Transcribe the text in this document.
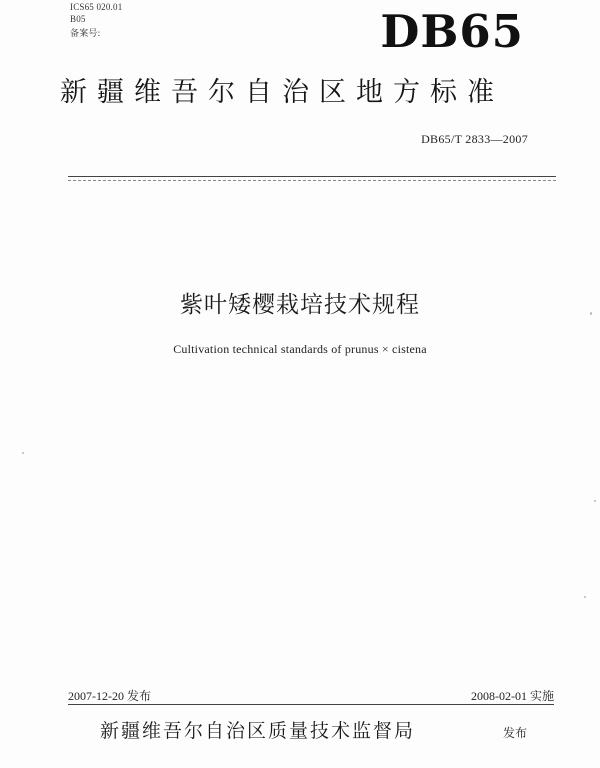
ICS65 020.01
B05
备案号:	DB65
新疆维吾尔自治区地方标准
DB65/T 2833—2007
紫叶矮樱栽培技术规程
Cultivation technical standards of prunus × cistena
2007-12-20 发布	2008-02-01 实施
新疆维吾尔自治区质量技术监督局	发布
